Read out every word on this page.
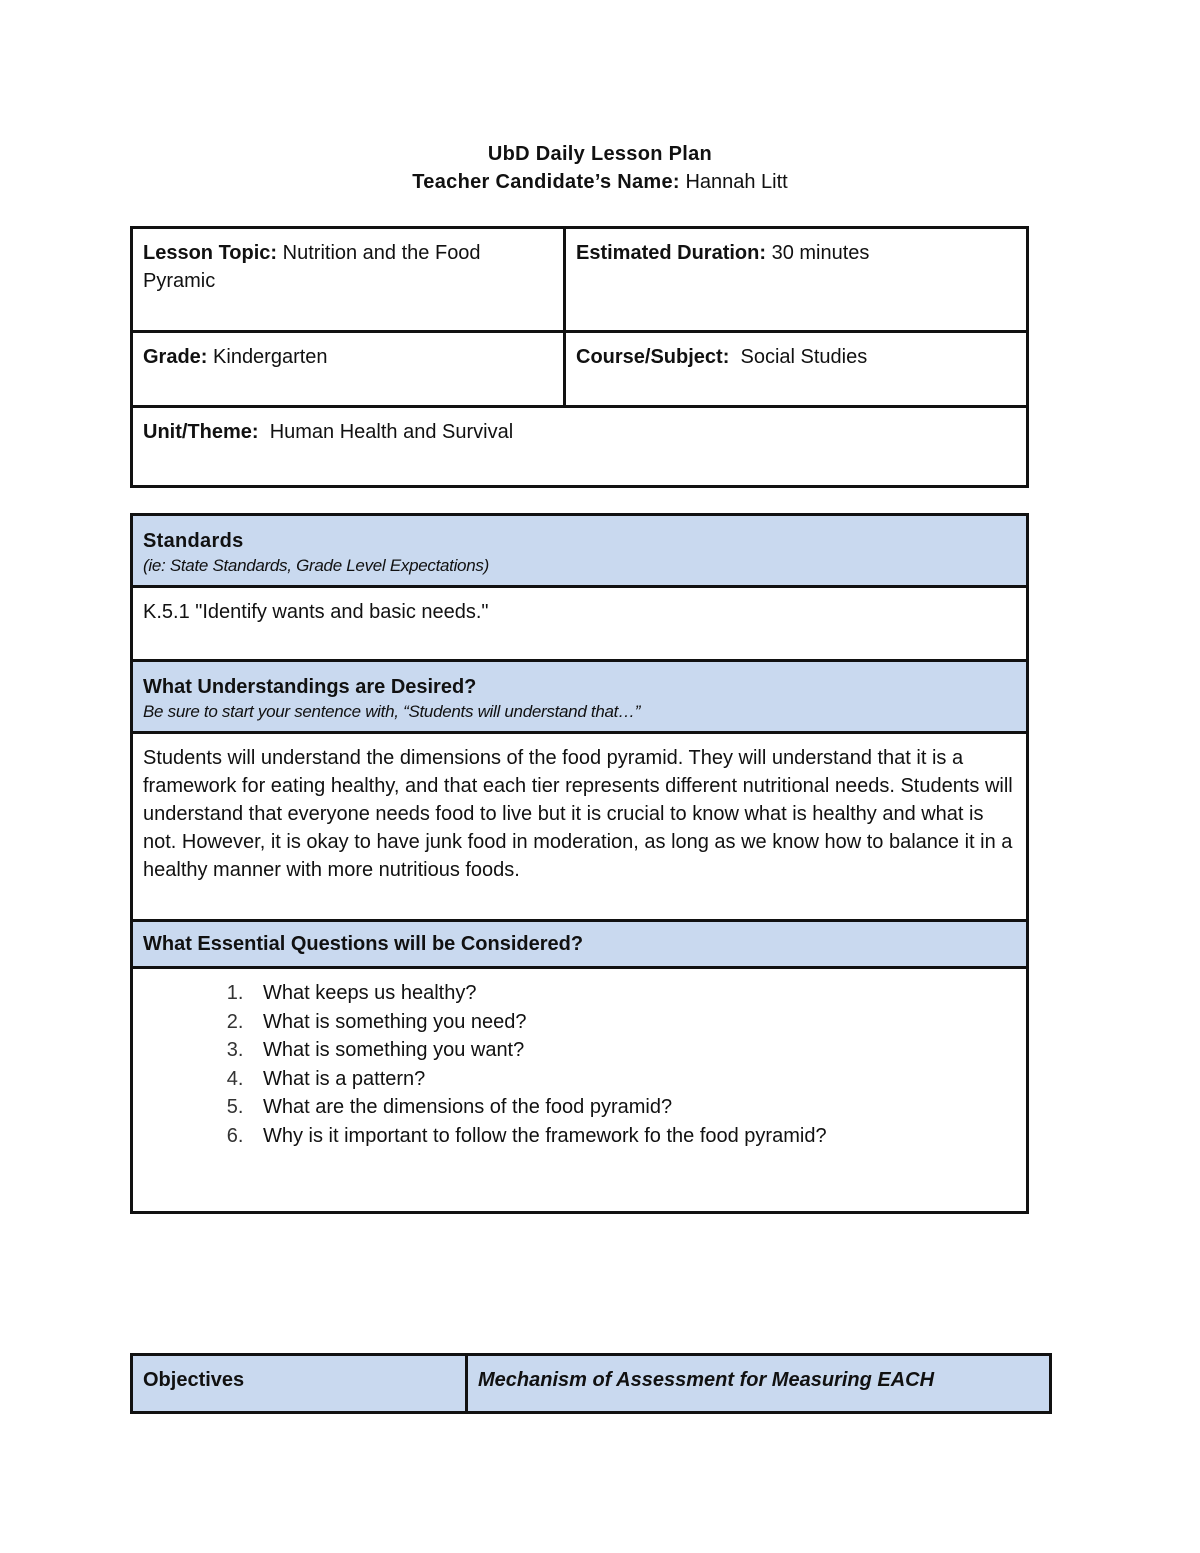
UbD Daily Lesson Plan
Teacher Candidate’s Name: Hannah Litt
Lesson Topic: Nutrition and the Food Pyramic	Estimated Duration: 30 minutes
Grade: Kindergarten	Course/Subject: Social Studies
Unit/Theme: Human Health and Survival	
Standards
(ie: State Standards, Grade Level Expectations)

K.5.1 "Identify wants and basic needs."

What Understandings are Desired?
Be sure to start your sentence with, “Students will understand that…”

Students will understand the dimensions of the food pyramid. They will understand that it is a framework for eating healthy, and that each tier represents different nutritional needs. Students will understand that everyone needs food to live but it is crucial to know what is healthy and what is not. However, it is okay to have junk food in moderation, as long as we know how to balance it in a healthy manner with more nutritious foods.

What Essential Questions will be Considered?

1. What keeps us healthy?
2. What is something you need?
3. What is something you want?
4. What is a pattern?
5. What are the dimensions of the food pyramid?
6. Why is it important to follow the framework fo the food pyramid?
Objectives	Mechanism of Assessment for Measuring EACH
